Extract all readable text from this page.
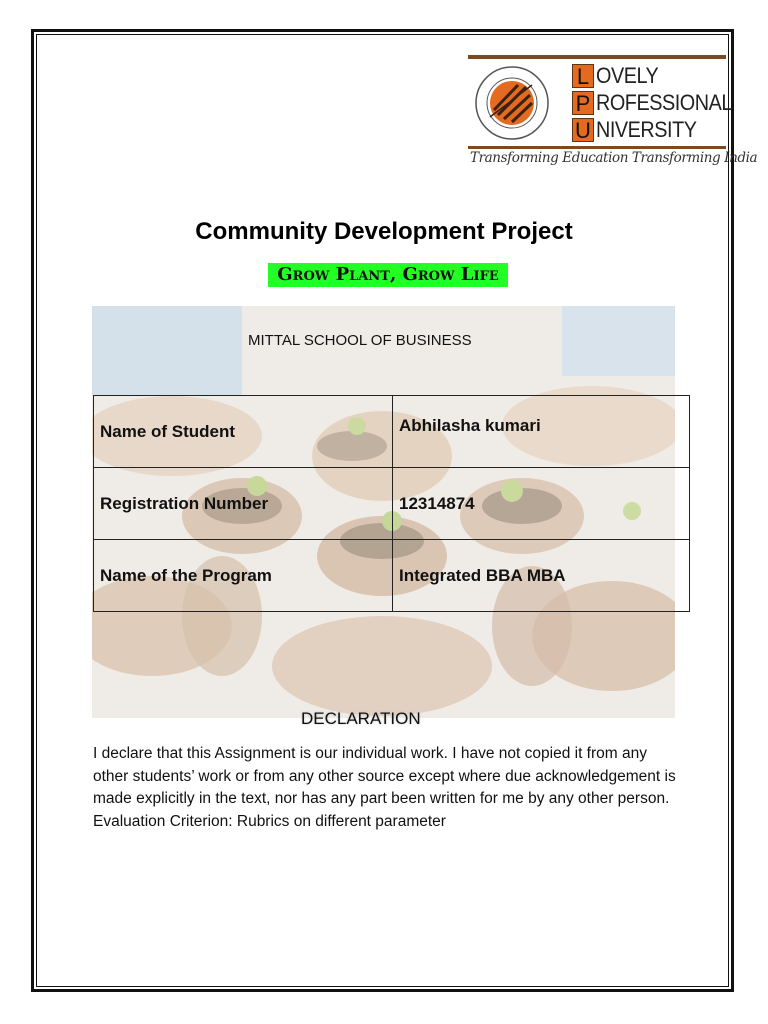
L OVELY
P ROFESSIONAL
U NIVERSITY
Transforming Education Transforming India
Community Development Project
Grow Plant, Grow Life
MITTAL SCHOOL OF BUSINESS
Name of Student	Abhilasha kumari
Registration Number	12314874
Name of the Program	Integrated BBA MBA
DECLARATION
I declare that this Assignment is our individual work. I have not copied it from any other students’ work or from any other source except where due acknowledgement is made explicitly in the text, nor has any part been written for me by any other person. Evaluation Criterion: Rubrics on different parameter
